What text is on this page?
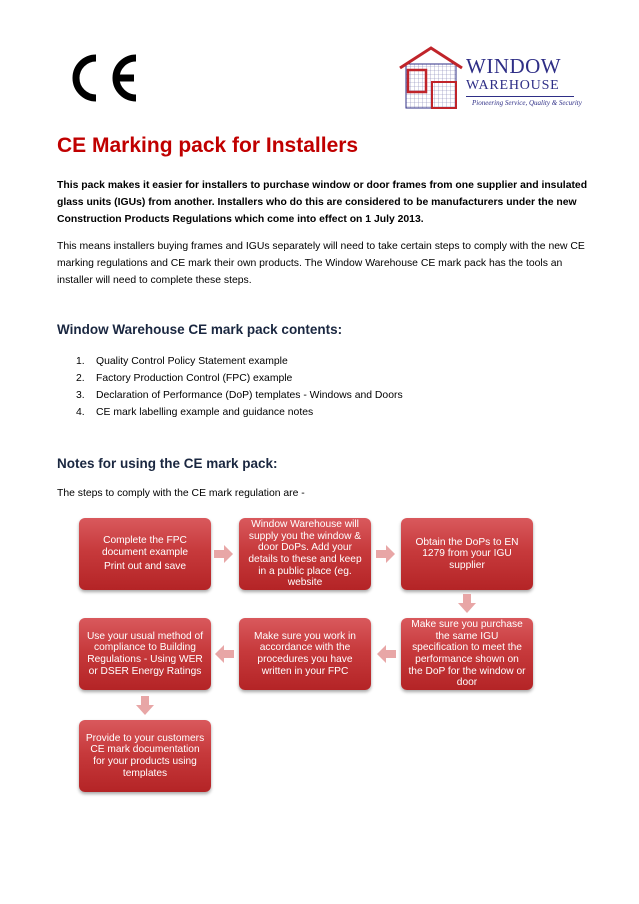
WINDOW
WAREHOUSE
Pioneering Service, Quality & Security
CE Marking pack for Installers
This pack makes it easier for installers to purchase window or door frames from one supplier and insulated glass units (IGUs) from another. Installers who do this are considered to be manufacturers under the new Construction Products Regulations which come into effect on 1 July 2013.
This means installers buying frames and IGUs separately will need to take certain steps to comply with the new CE marking regulations and CE mark their own products. The Window Warehouse CE mark pack has the tools an installer will need to complete these steps.
Window Warehouse CE mark pack contents:
1. Quality Control Policy Statement example
2. Factory Production Control (FPC) example
3. Declaration of Performance (DoP) templates - Windows and Doors
4. CE mark labelling example and guidance notes
Notes for using the CE mark pack:
The steps to comply with the CE mark regulation are -
Complete the FPC document example
Print out and save
Window Warehouse will supply you the window & door DoPs. Add your details to these and keep in a public place (eg. website
Obtain the DoPs to EN 1279 from your IGU supplier
Make sure you purchase the same IGU specification to meet the performance shown on the DoP for the window or door
Make sure you work in accordance with the procedures you have written in your FPC
Use your usual method of compliance to Building Regulations - Using WER or DSER Energy Ratings
Provide to your customers CE mark documentation for your products using templates
